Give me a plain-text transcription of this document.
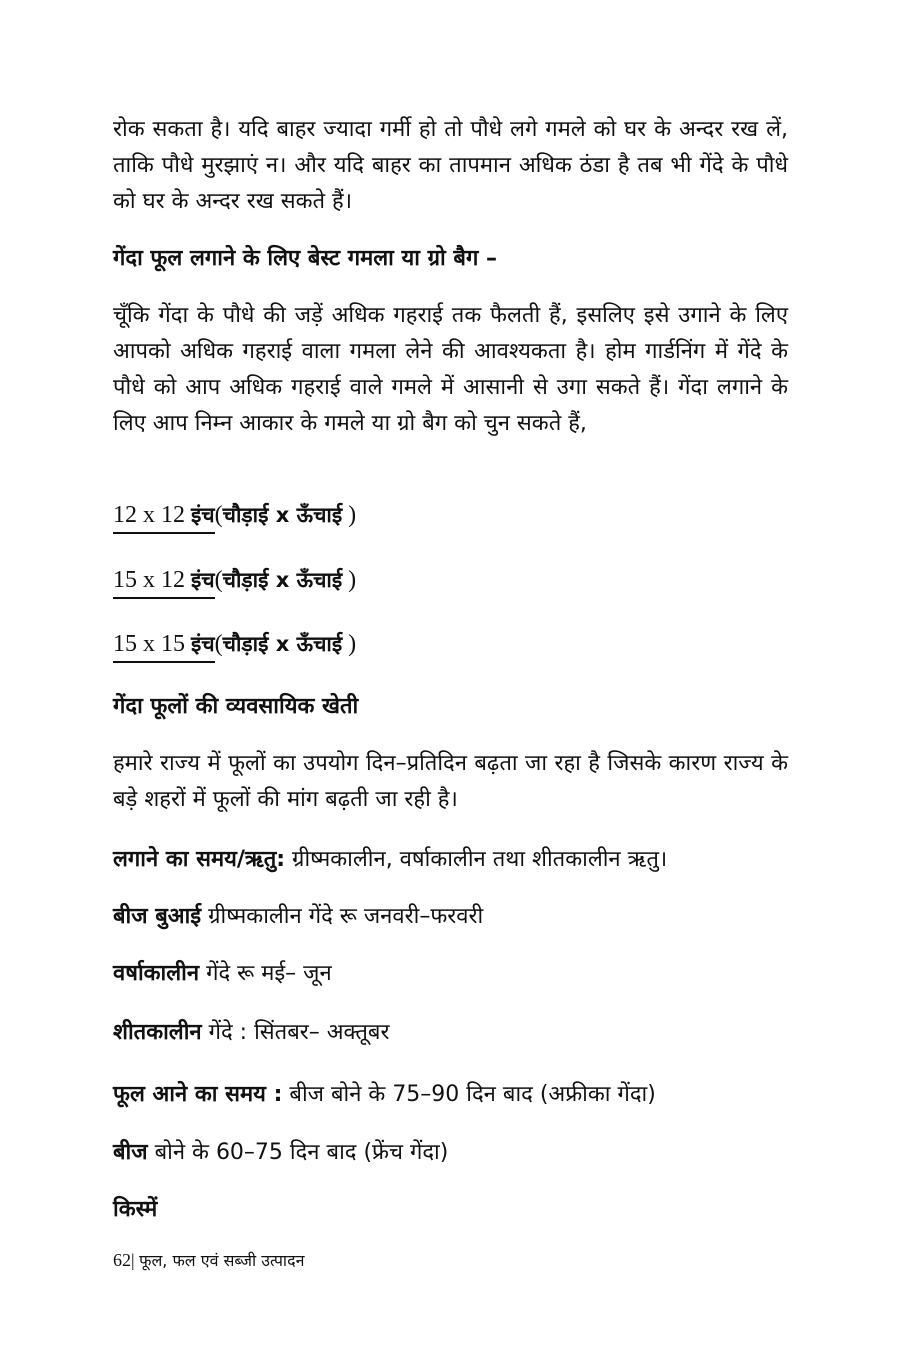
रोक सकता है। यदि बाहर ज्यादा गर्मी हो तो पौधे लगे गमले को घर के अन्दर रख लें, ताकि पौधे मुरझाएं न। और यदि बाहर का तापमान अधिक ठंडा है तब भी गेंदे के पौधे को घर के अन्दर रख सकते हैं।

गेंदा फूल लगाने के लिए बेस्ट गमला या ग्रो बैग –

चूँकि गेंदा के पौधे की जड़ें अधिक गहराई तक फैलती हैं, इसलिए इसे उगाने के लिए आपको अधिक गहराई वाला गमला लेने की आवश्यकता है। होम गार्डनिंग में गेंदे के पौधे को आप अधिक गहराई वाले गमले में आसानी से उगा सकते हैं। गेंदा लगाने के लिए आप निम्न आकार के गमले या ग्रो बैग को चुन सकते हैं,

12 x 12 इंच(चौड़ाई x ऊँचाई )

15 x 12 इंच(चौड़ाई x ऊँचाई )

15 x 15 इंच(चौड़ाई x ऊँचाई )

गेंदा फूलों की व्यवसायिक खेती

हमारे राज्य में फूलों का उपयोग दिन–प्रतिदिन बढ़ता जा रहा है जिसके कारण राज्य के बड़े शहरों में फूलों की मांग बढ़ती जा रही है।

लगाने का समय/ऋतु: ग्रीष्मकालीन, वर्षाकालीन तथा शीतकालीन ऋतु।

बीज बुआई ग्रीष्मकालीन गेंदे रू जनवरी–फरवरी

वर्षाकालीन गेंदे रू मई– जून

शीतकालीन गेंदे : सिंतबर– अक्तूबर

फूल आने का समय : बीज बोने के 75–90 दिन बाद (अफ्रीका गेंदा)

बीज बोने के 60–75 दिन बाद (फ्रेंच गेंदा)

किस्में

62| फूल, फल एवं सब्जी उत्पादन
